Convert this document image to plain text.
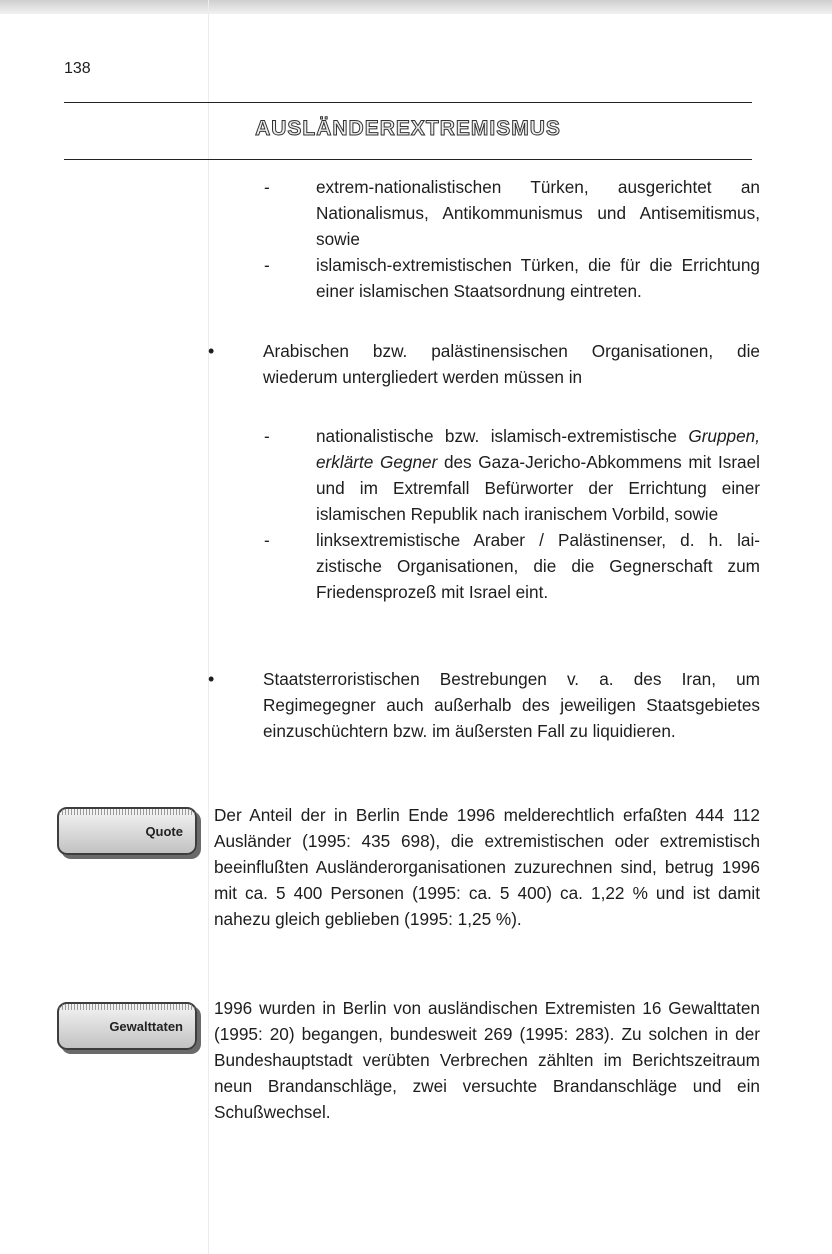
138
AUSLÄNDEREXTREMISMUS
-	extrem-nationalistischen Türken, ausgerichtet an Nationalismus, Antikommunismus und Antisemitismus, sowie
-	islamisch-extremistischen Türken, die für die Errichtung einer islamischen Staatsordnung eintreten.
•	Arabischen bzw. palästinensischen Organisationen, die wiederum untergliedert werden müssen in
-	nationalistische bzw. islamisch-extremistische Gruppen, erklärte Gegner des Gaza-Jericho-Abkommens mit Israel und im Extremfall Befürworter der Errichtung einer islamischen Republik nach iranischem Vorbild, sowie
-	linksextremistische Araber / Palästinenser, d. h. laizistische Organisationen, die die Gegnerschaft zum Friedensprozeß mit Israel eint.
•	Staatsterroristischen Bestrebungen v. a. des Iran, um Regimegegner auch außerhalb des jeweiligen Staatsgebietes einzuschüchtern bzw. im äußersten Fall zu liquidieren.
Quote
Der Anteil der in Berlin Ende 1996 melderechtlich erfaßten 444 112 Ausländer (1995: 435 698), die extremistischen oder extremistisch beeinflußten Ausländerorganisationen zuzurechnen sind, betrug 1996 mit ca. 5 400 Personen (1995: ca. 5 400) ca. 1,22 % und ist damit nahezu gleich geblieben (1995: 1,25 %).
Gewalttaten
1996 wurden in Berlin von ausländischen Extremisten 16 Gewalttaten (1995: 20) begangen, bundesweit 269 (1995: 283). Zu solchen in der Bundeshauptstadt verübten Verbrechen zählten im Berichtszeitraum neun Brandanschläge, zwei versuchte Brandanschläge und ein Schußwechsel.
